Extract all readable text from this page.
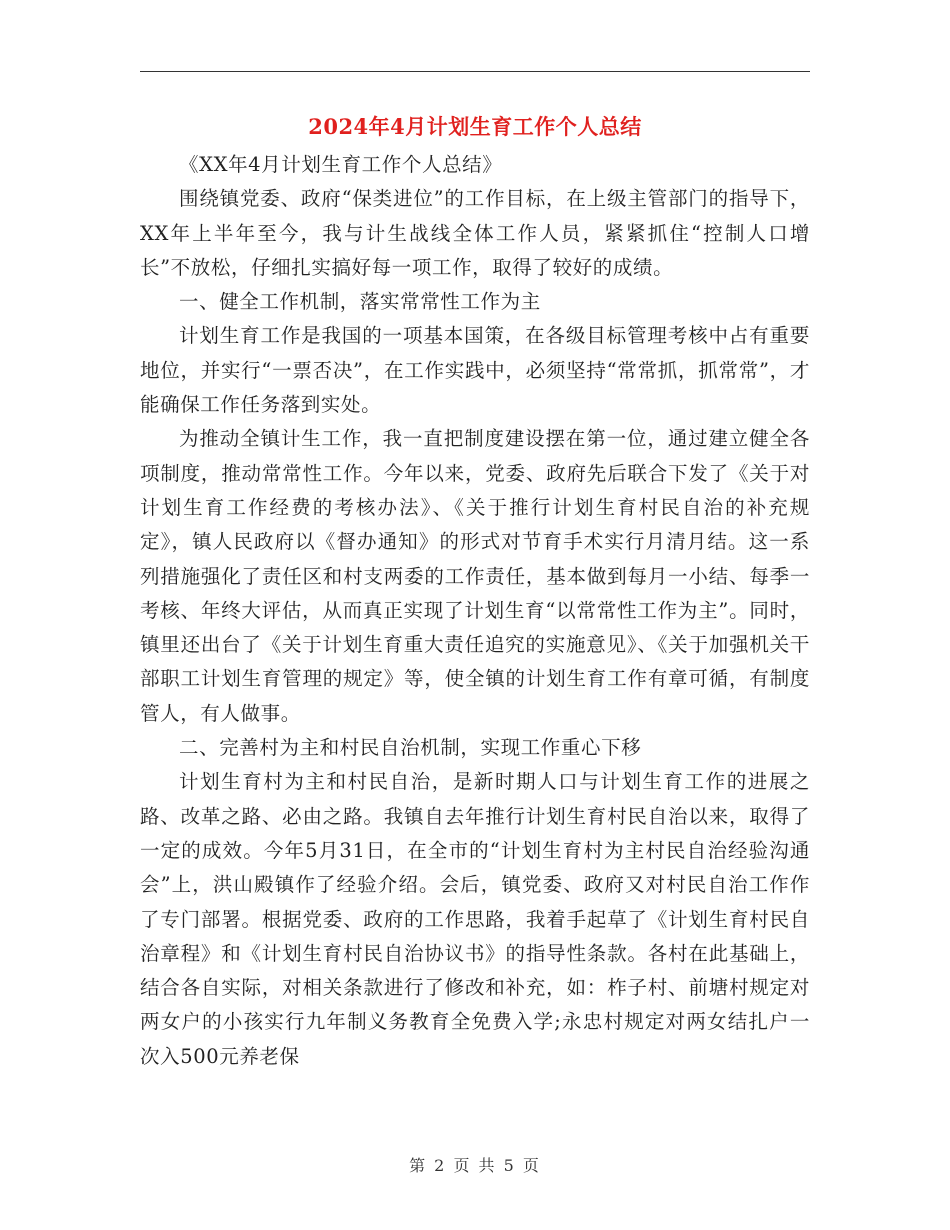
2024年4月计划生育工作个人总结

《XX年4月计划生育工作个人总结》

围绕镇党委、政府“保类进位”的工作目标，在上级主管部门的指导下，XX年上半年至今，我与计生战线全体工作人员，紧紧抓住“控制人口增长”不放松，仔细扎实搞好每一项工作，取得了较好的成绩。

一、健全工作机制，落实常常性工作为主

计划生育工作是我国的一项基本国策，在各级目标管理考核中占有重要地位，并实行“一票否决”，在工作实践中，必须坚持“常常抓，抓常常”，才能确保工作任务落到实处。

为推动全镇计生工作，我一直把制度建设摆在第一位，通过建立健全各项制度，推动常常性工作。今年以来，党委、政府先后联合下发了《关于对计划生育工作经费的考核办法》、《关于推行计划生育村民自治的补充规定》，镇人民政府以《督办通知》的形式对节育手术实行月清月结。这一系列措施强化了责任区和村支两委的工作责任，基本做到每月一小结、每季一考核、年终大评估，从而真正实现了计划生育“以常常性工作为主”。同时，镇里还出台了《关于计划生育重大责任追究的实施意见》、《关于加强机关干部职工计划生育管理的规定》等，使全镇的计划生育工作有章可循，有制度管人，有人做事。

二、完善村为主和村民自治机制，实现工作重心下移

计划生育村为主和村民自治，是新时期人口与计划生育工作的进展之路、改革之路、必由之路。我镇自去年推行计划生育村民自治以来，取得了一定的成效。今年5月31日，在全市的“计划生育村为主村民自治经验沟通会”上，洪山殿镇作了经验介绍。会后，镇党委、政府又对村民自治工作作了专门部署。根据党委、政府的工作思路，我着手起草了《计划生育村民自治章程》和《计划生育村民自治协议书》的指导性条款。各村在此基础上，结合各自实际，对相关条款进行了修改和补充，如：柞子村、前塘村规定对两女户的小孩实行九年制义务教育全免费入学;永忠村规定对两女结扎户一次入500元养老保

第 2 页 共 5 页
